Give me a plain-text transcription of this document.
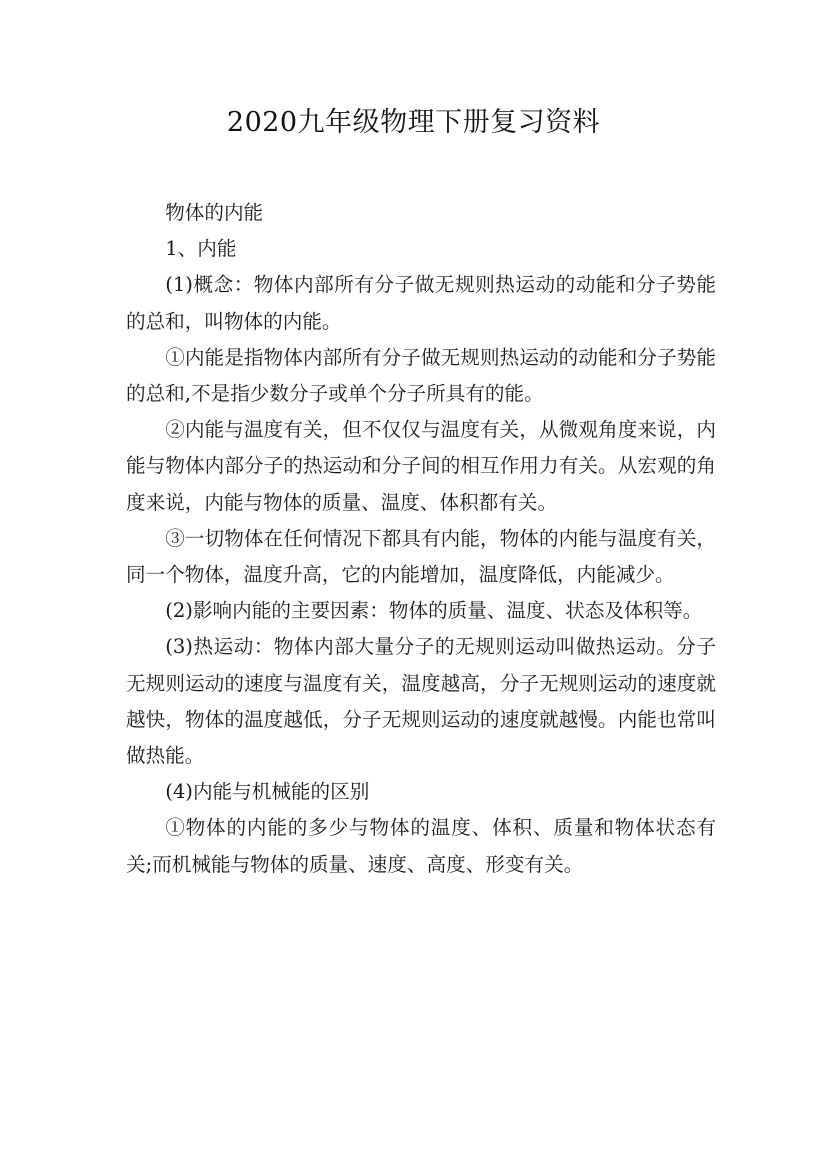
2020九年级物理下册复习资料

物体的内能

1、内能

(1)概念：物体内部所有分子做无规则热运动的动能和分子势能的总和，叫物体的内能。

①内能是指物体内部所有分子做无规则热运动的动能和分子势能的总和,不是指少数分子或单个分子所具有的能。

②内能与温度有关，但不仅仅与温度有关，从微观角度来说，内能与物体内部分子的热运动和分子间的相互作用力有关。从宏观的角度来说，内能与物体的质量、温度、体积都有关。

③一切物体在任何情况下都具有内能，物体的内能与温度有关，同一个物体，温度升高，它的内能增加，温度降低，内能减少。

(2)影响内能的主要因素：物体的质量、温度、状态及体积等。

(3)热运动：物体内部大量分子的无规则运动叫做热运动。分子无规则运动的速度与温度有关，温度越高，分子无规则运动的速度就越快，物体的温度越低，分子无规则运动的速度就越慢。内能也常叫做热能。

(4)内能与机械能的区别

①物体的内能的多少与物体的温度、体积、质量和物体状态有关;而机械能与物体的质量、速度、高度、形变有关。
